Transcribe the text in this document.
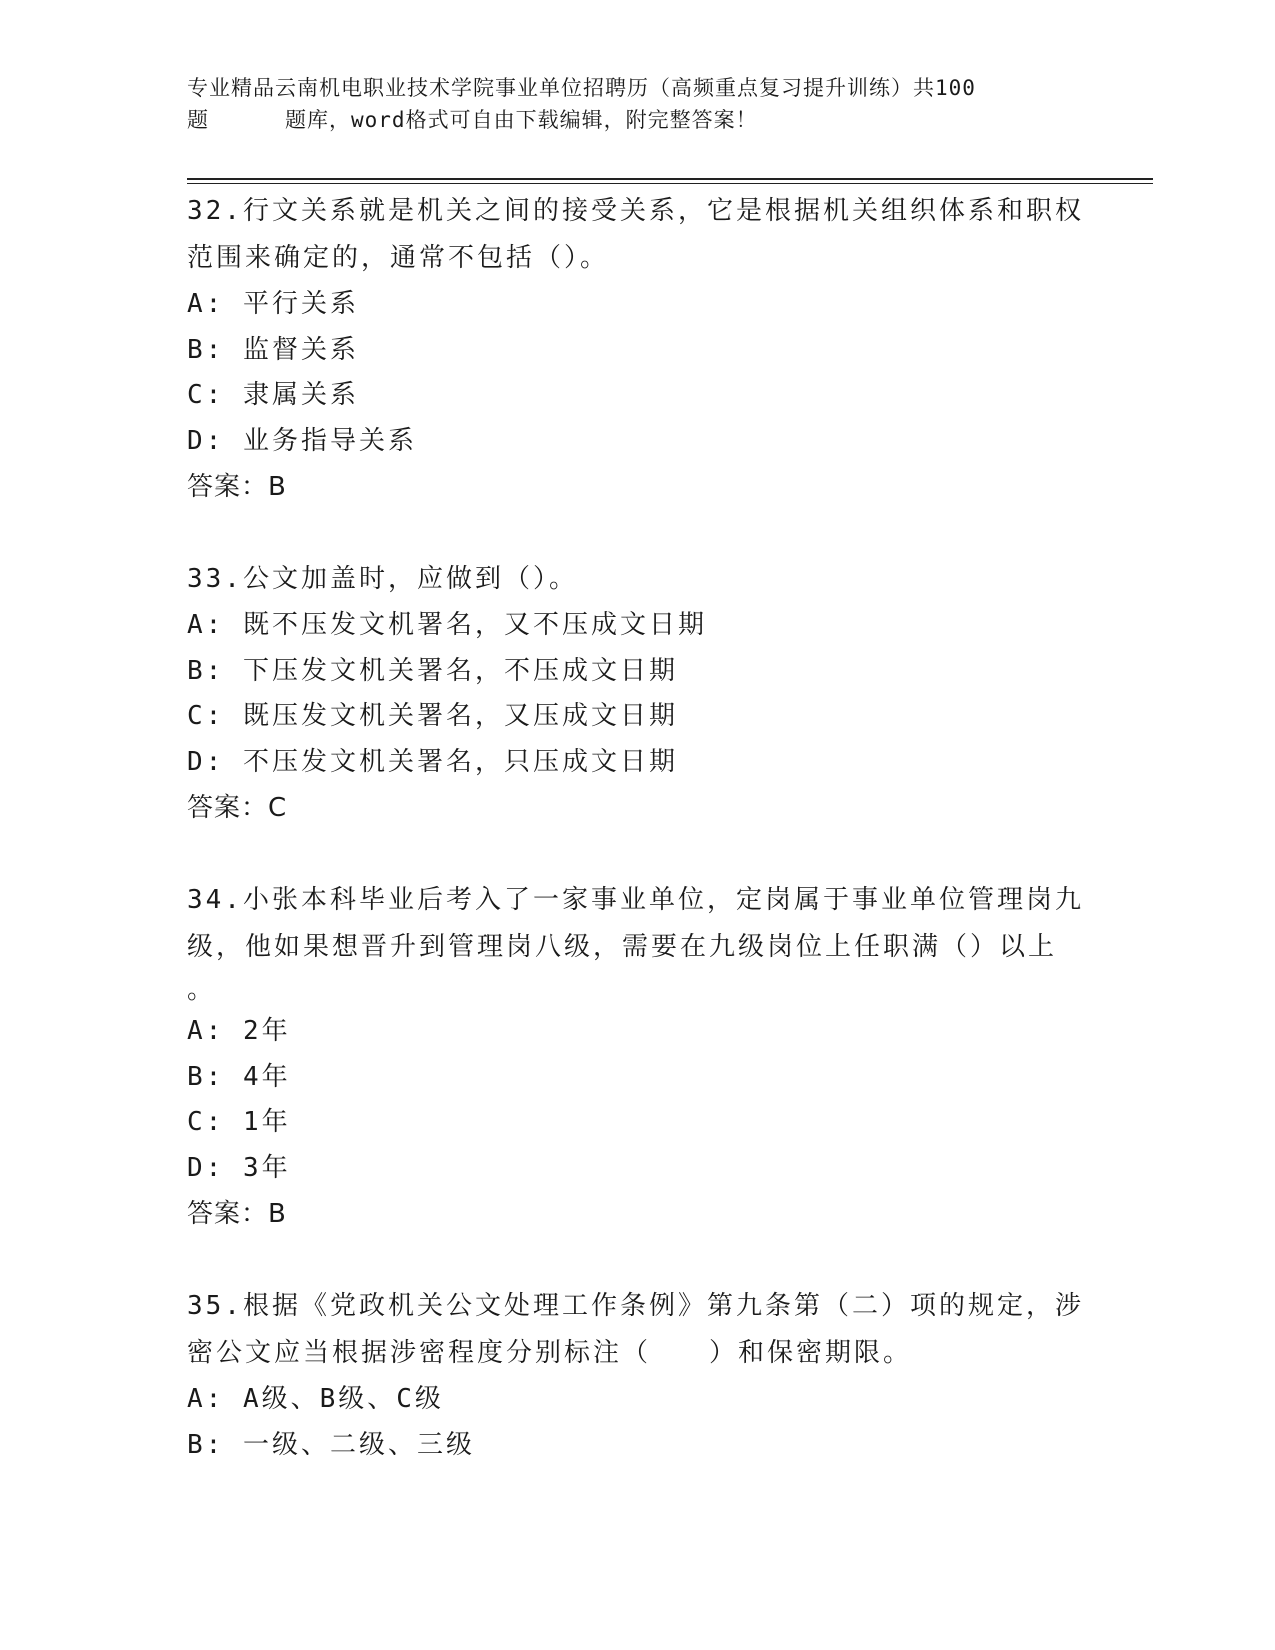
专业精品云南机电职业技术学院事业单位招聘历（高频重点复习提升训练）共100
题	题库，word格式可自由下载编辑，附完整答案！

32.行文关系就是机关之间的接受关系，它是根据机关组织体系和职权

范围来确定的，通常不包括（）。

A: 平行关系

B: 监督关系

C: 隶属关系

D: 业务指导关系

答案：B

33.公文加盖时，应做到（）。

A: 既不压发文机署名，又不压成文日期

B: 下压发文机关署名，不压成文日期

C: 既压发文机关署名，又压成文日期

D: 不压发文机关署名，只压成文日期

答案：C

34.小张本科毕业后考入了一家事业单位，定岗属于事业单位管理岗九

级，他如果想晋升到管理岗八级，需要在九级岗位上任职满（）以上

。

A: 2年

B: 4年

C: 1年

D: 3年

答案：B

35.根据《党政机关公文处理工作条例》第九条第（二）项的规定，涉

密公文应当根据涉密程度分别标注（　　）和保密期限。

A: A级、B级、C级

B: 一级、二级、三级
